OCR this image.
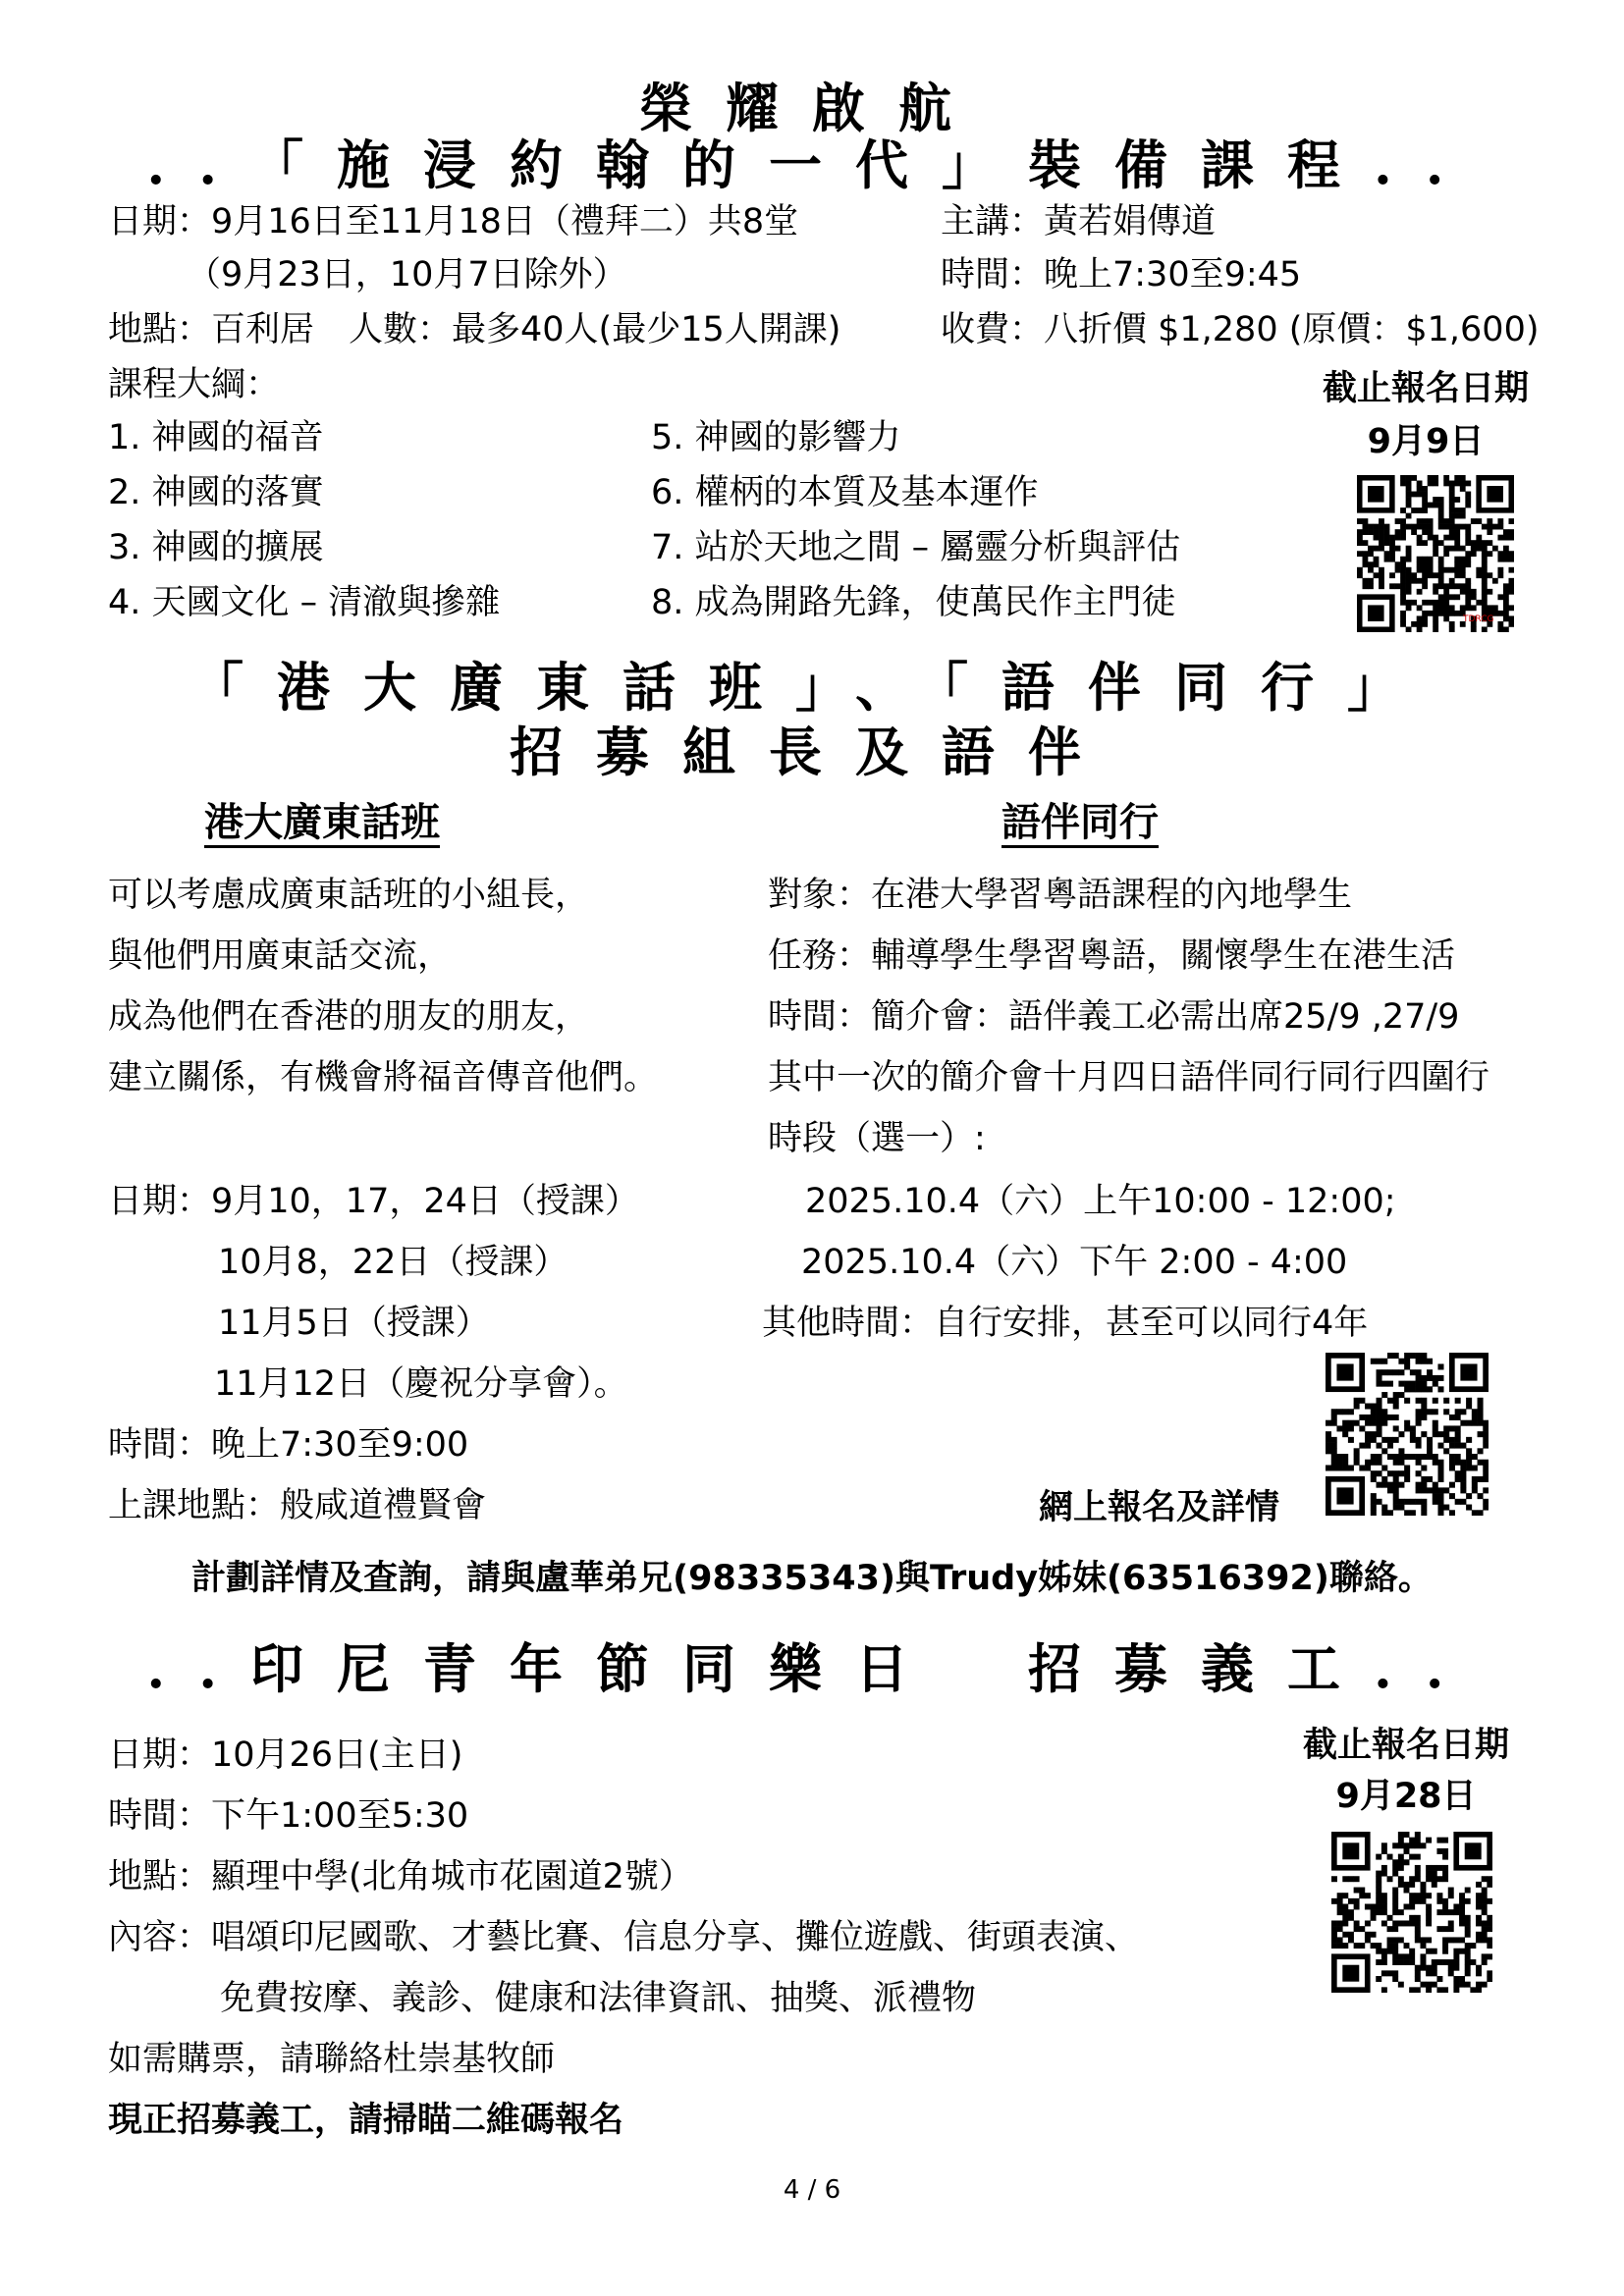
榮耀啟航
..「施浸約翰的一代」裝備課程..
日期：9月16日至11月18日（禮拜二）共8堂
（9月23日，10月7日除外）
地點：百利居　人數：最多40人(最少15人開課)
主講：黃若娟傳道
時間：晚上7:30至9:45
收費：八折價 $1,280 (原價：$1,600)
課程大綱：
1. 神國的福音
2. 神國的落實
3. 神國的擴展
4. 天國文化 – 清澈與摻雜
5. 神國的影響力
6. 權柄的本質及基本運作
7. 站於天地之間 – 屬靈分析與評估
8. 成為開路先鋒，使萬民作主門徒
截止報名日期
9月9日
TDRCG
「港大廣東話班」、「語伴同行」
招募組長及語伴
港大廣東話班	語伴同行
可以考慮成廣東話班的小組長，
與他們用廣東話交流，
成為他們在香港的朋友的朋友，
建立關係，有機會將福音傳音他們。
日期：9月10，17，24日（授課）
10月8，22日（授課）
11月5日（授課）
11月12日（慶祝分享會）。
時間：晚上7:30至9:00
上課地點：般咸道禮賢會
對象：在港大學習粵語課程的內地學生
任務：輔導學生學習粵語，關懷學生在港生活
時間：簡介會：語伴義工必需出席25/9 ,27/9
其中一次的簡介會十月四日語伴同行同行四圍行
時段（選一）:
2025.10.4（六）上午10:00 - 12:00;
2025.10.4（六）下午 2:00 - 4:00
其他時間：自行安排，甚至可以同行4年
網上報名及詳情
計劃詳情及查詢，請與盧華弟兄(98335343)與Trudy姊妹(63516392)聯絡。
..印尼青年節同樂日　招募義工..
日期：10月26日(主日)
時間：下午1:00至5:30
地點：顯理中學(北角城市花園道2號）
內容：唱頌印尼國歌、才藝比賽、信息分享、攤位遊戲、街頭表演、
免費按摩、義診、健康和法律資訊、抽獎、派禮物
如需購票，請聯絡杜崇基牧師
現正招募義工，請掃瞄二維碼報名
截止報名日期
9月28日
4 / 6
